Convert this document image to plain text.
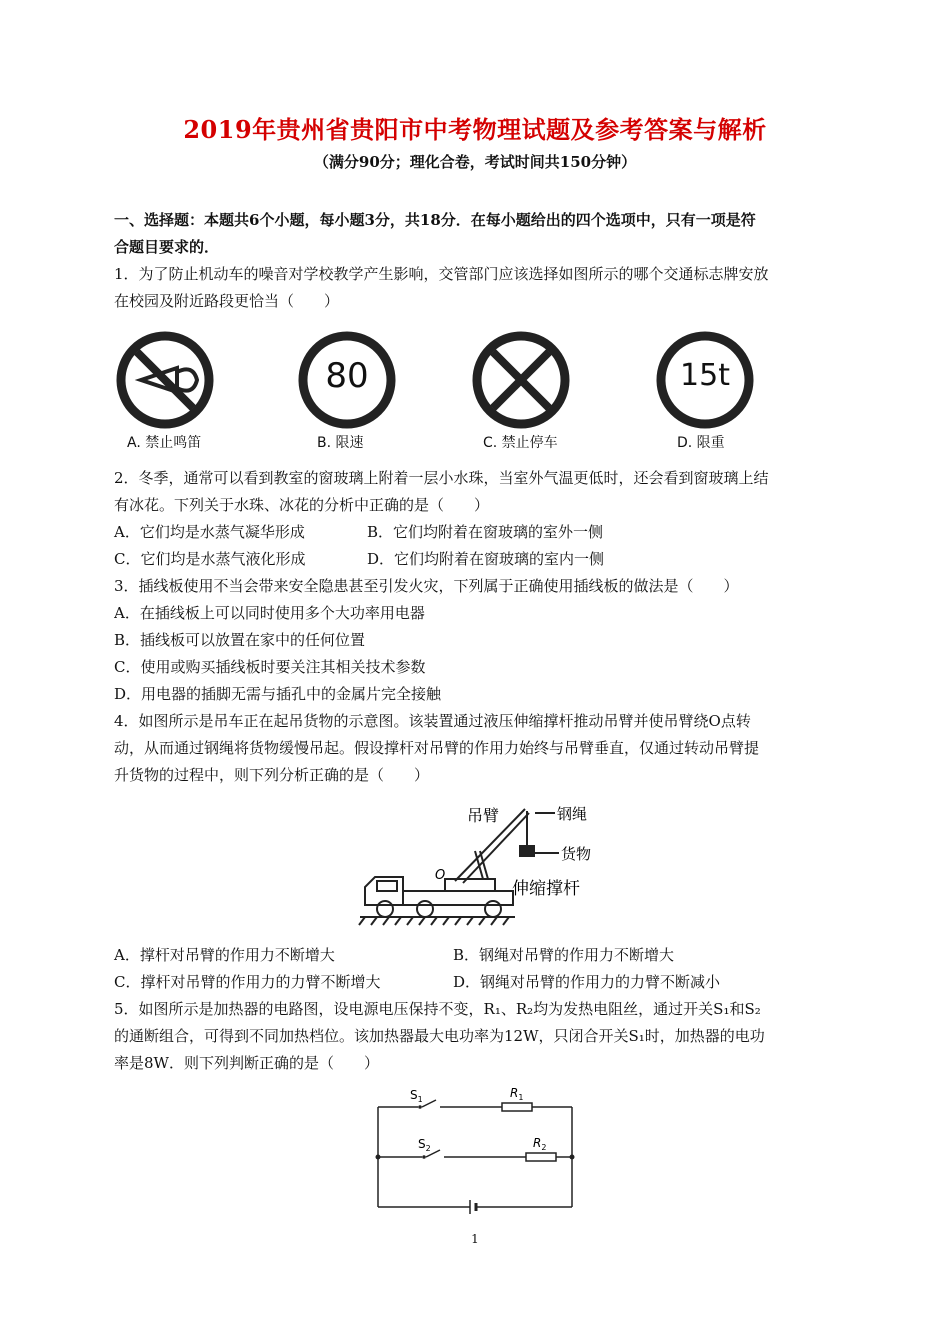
2019年贵州省贵阳市中考物理试题及参考答案与解析
（满分90分；理化合卷，考试时间共150分钟）
一、选择题：本题共6个小题，每小题3分，共18分．在每小题给出的四个选项中，只有一项是符
合题目要求的．
1．为了防止机动车的噪音对学校教学产生影响，交管部门应该选择如图所示的哪个交通标志牌安放
在校园及附近路段更恰当（　　）
A. 禁止鸣笛
80
B. 限速	C. 禁止停车
15t
D. 限重
2．冬季，通常可以看到教室的窗玻璃上附着一层小水珠，当室外气温更低时，还会看到窗玻璃上结
有冰花。下列关于水珠、冰花的分析中正确的是（　　）
A．它们均是水蒸气凝华形成	B．它们均附着在窗玻璃的室外一侧
C．它们均是水蒸气液化形成	D．它们均附着在窗玻璃的室内一侧
3．插线板使用不当会带来安全隐患甚至引发火灾，下列属于正确使用插线板的做法是（　　）
A．在插线板上可以同时使用多个大功率用电器
B．插线板可以放置在家中的任何位置
C．使用或购买插线板时要关注其相关技术参数
D．用电器的插脚无需与插孔中的金属片完全接触
4．如图所示是吊车正在起吊货物的示意图。该装置通过液压伸缩撑杆推动吊臂并使吊臂绕O点转
动，从而通过钢绳将货物缓慢吊起。假设撑杆对吊臂的作用力始终与吊臂垂直，仅通过转动吊臂提
升货物的过程中，则下列分析正确的是（　　）
吊臂	钢绳
货物
伸缩撑杆
O
A．撑杆对吊臂的作用力不断增大	B．钢绳对吊臂的作用力不断增大
C．撑杆对吊臂的作用力的力臂不断增大	D．钢绳对吊臂的作用力的力臂不断减小
5．如图所示是加热器的电路图，设电源电压保持不变，R₁、R₂均为发热电阻丝，通过开关S₁和S₂
的通断组合，可得到不同加热档位。该加热器最大电功率为12W，只闭合开关S₁时，加热器的电功
率是8W．则下列判断正确的是（　　）
$S_1$
$S_2$
$R_1$
$R_2$
1
